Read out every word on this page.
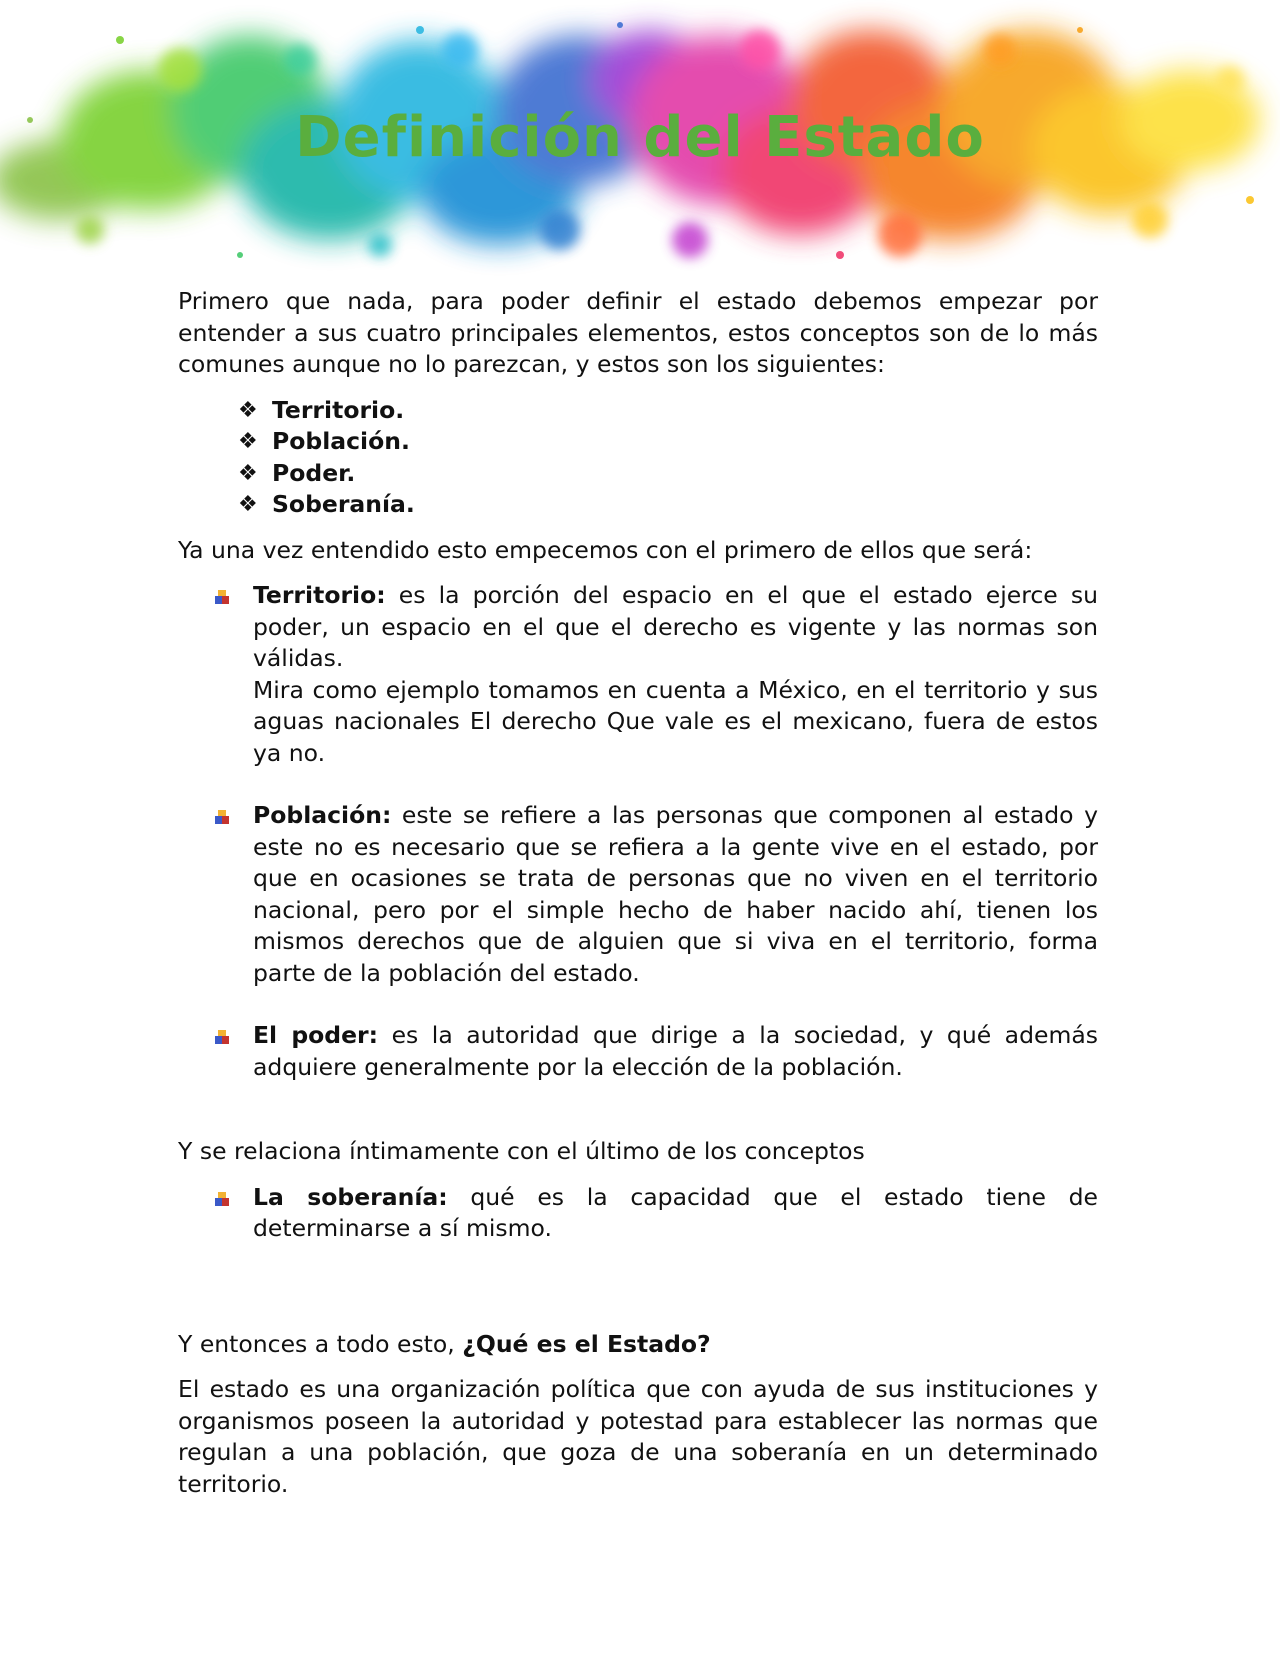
Definición del Estado

Primero que nada, para poder definir el estado debemos empezar por entender a sus cuatro principales elementos, estos conceptos son de lo más comunes aunque no lo parezcan, y estos son los siguientes:

❖ Territorio.
❖ Población.
❖ Poder.
❖ Soberanía.

Ya una vez entendido esto empecemos con el primero de ellos que será:

Territorio: es la porción del espacio en el que el estado ejerce su poder, un espacio en el que el derecho es vigente y las normas son válidas.
Mira como ejemplo tomamos en cuenta a México, en el territorio y sus aguas nacionales El derecho Que vale es el mexicano, fuera de estos ya no.
Población: este se refiere a las personas que componen al estado y este no es necesario que se refiera a la gente vive en el estado, por que en ocasiones se trata de personas que no viven en el territorio nacional, pero por el simple hecho de haber nacido ahí, tienen los mismos derechos que de alguien que si viva en el territorio, forma parte de la población del estado.
El poder: es la autoridad que dirige a la sociedad, y qué además adquiere generalmente por la elección de la población.

Y se relaciona íntimamente con el último de los conceptos

La soberanía: qué es la capacidad que el estado tiene de determinarse a sí mismo.

Y entonces a todo esto, ¿Qué es el Estado?

El estado es una organización política que con ayuda de sus instituciones y organismos poseen la autoridad y potestad para establecer las normas que regulan a una población, que goza de una soberanía en un determinado territorio.
